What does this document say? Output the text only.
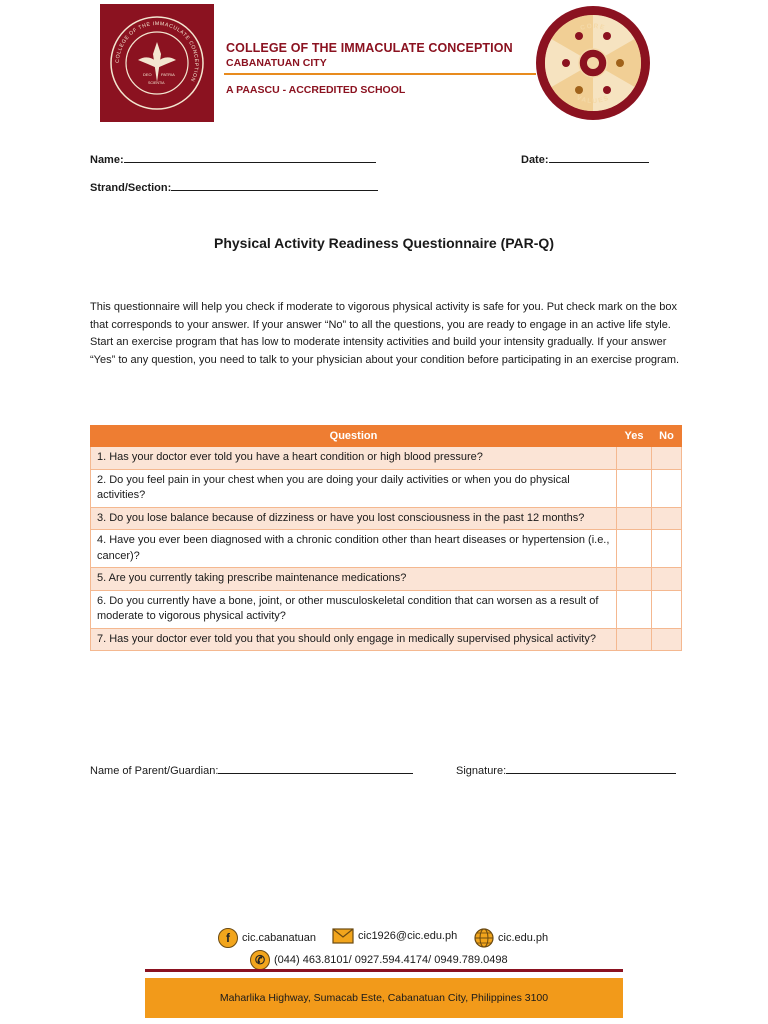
COLLEGE OF THE IMMACULATE CONCEPTION
DEO PATRIA
SCIENTIA
COLLEGE OF THE IMMACULATE CONCEPTION
CABANATUAN CITY
A PAASCU - ACCREDITED SCHOOL
CORE
VALUES
Name:	Date:
Strand/Section:
Physical Activity Readiness Questionnaire (PAR-Q)
This questionnaire will help you check if moderate to vigorous physical activity is safe for you. Put check mark on the box that corresponds to your answer. If your answer “No” to all the questions, you are ready to engage in an active life style. Start an exercise program that has low to moderate intensity activities and build your intensity gradually. If your answer “Yes” to any question, you need to talk to your physician about your condition before participating in an exercise program.
Question	Yes	No
1. Has your doctor ever told you have a heart condition or high blood pressure?		
2. Do you feel pain in your chest when you are doing your daily activities or when you do physical activities?		
3. Do you lose balance because of dizziness or have you lost consciousness in the past 12 months?		
4. Have you ever been diagnosed with a chronic condition other than heart diseases or hypertension (i.e., cancer)?		
5. Are you currently taking prescribe maintenance medications?		
6. Do you currently have a bone, joint, or other musculoskeletal condition that can worsen as a result of moderate to vigorous physical activity?		
7. Has your doctor ever told you that you should only engage in medically supervised physical activity?		
Name of Parent/Guardian:	Signature:
f	cic.cabanatuan	cic1926@cic.edu.ph	cic.edu.ph
✆ (044) 463.8101/ 0927.594.4174/ 0949.789.0498
Maharlika Highway, Sumacab Este, Cabanatuan City, Philippines 3100
